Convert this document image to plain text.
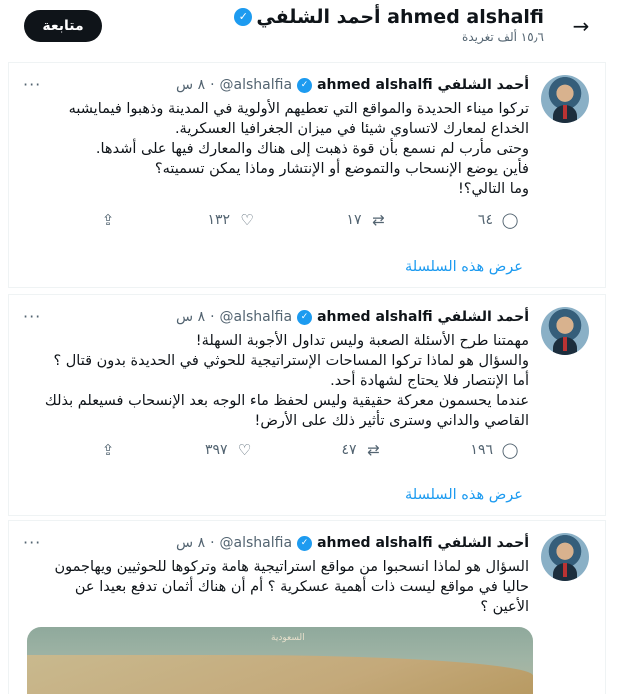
→
أحمد الشلفي ahmed alshalfi
✓
١٥٫٦ ألف تغريدة
متابعة
ahmed alshalfi أحمد الشلفي
✓
@alshalfia
·
٨ س
···
تركوا ميناء الحديدة والمواقع التي تعطيهم الأولوية في المدينة وذهبوا فيمايشبه
الخداع لمعارك لاتساوي شيئا في ميزان الجغرافيا العسكرية.
وحتى مأرب لم نسمع بأن قوة ذهبت إلى هناك والمعارك فيها على أشدها.
فأين يوضع الإنسحاب والتموضع أو الإنتشار وماذا يمكن تسميته؟
وما التالي؟!
⇪	١٣٢ ♡	١٧ ⇄	٦٤ ◯
عرض هذه السلسلة
ahmed alshalfi أحمد الشلفي
✓
@alshalfia
·
٨ س
···
مهمتنا طرح الأسئلة الصعبة وليس تداول الأجوبة السهلة!
والسؤال هو لماذا تركوا المساحات الإستراتيجية للحوثي في الحديدة بدون قتال ؟
أما الإنتصار فلا يحتاج لشهادة أحد.
عندما يحسمون معركة حقيقية وليس لحفظ ماء الوجه بعد الإنسحاب فسيعلم بذلك
القاصي والداني وسترى تأثير ذلك على الأرض!
⇪	٣٩٧ ♡	٤٧ ⇄	١٩٦ ◯
عرض هذه السلسلة
ahmed alshalfi أحمد الشلفي
✓
@alshalfia
·
٨ س
···
السؤال هو لماذا انسحبوا من مواقع استراتيجية هامة وتركوها للحوثيين ويهاجمون
حاليا في مواقع ليست ذات أهمية عسكرية ؟ أم أن هناك أثمان تدفع بعيدا عن
الأعين ؟
السعودية
